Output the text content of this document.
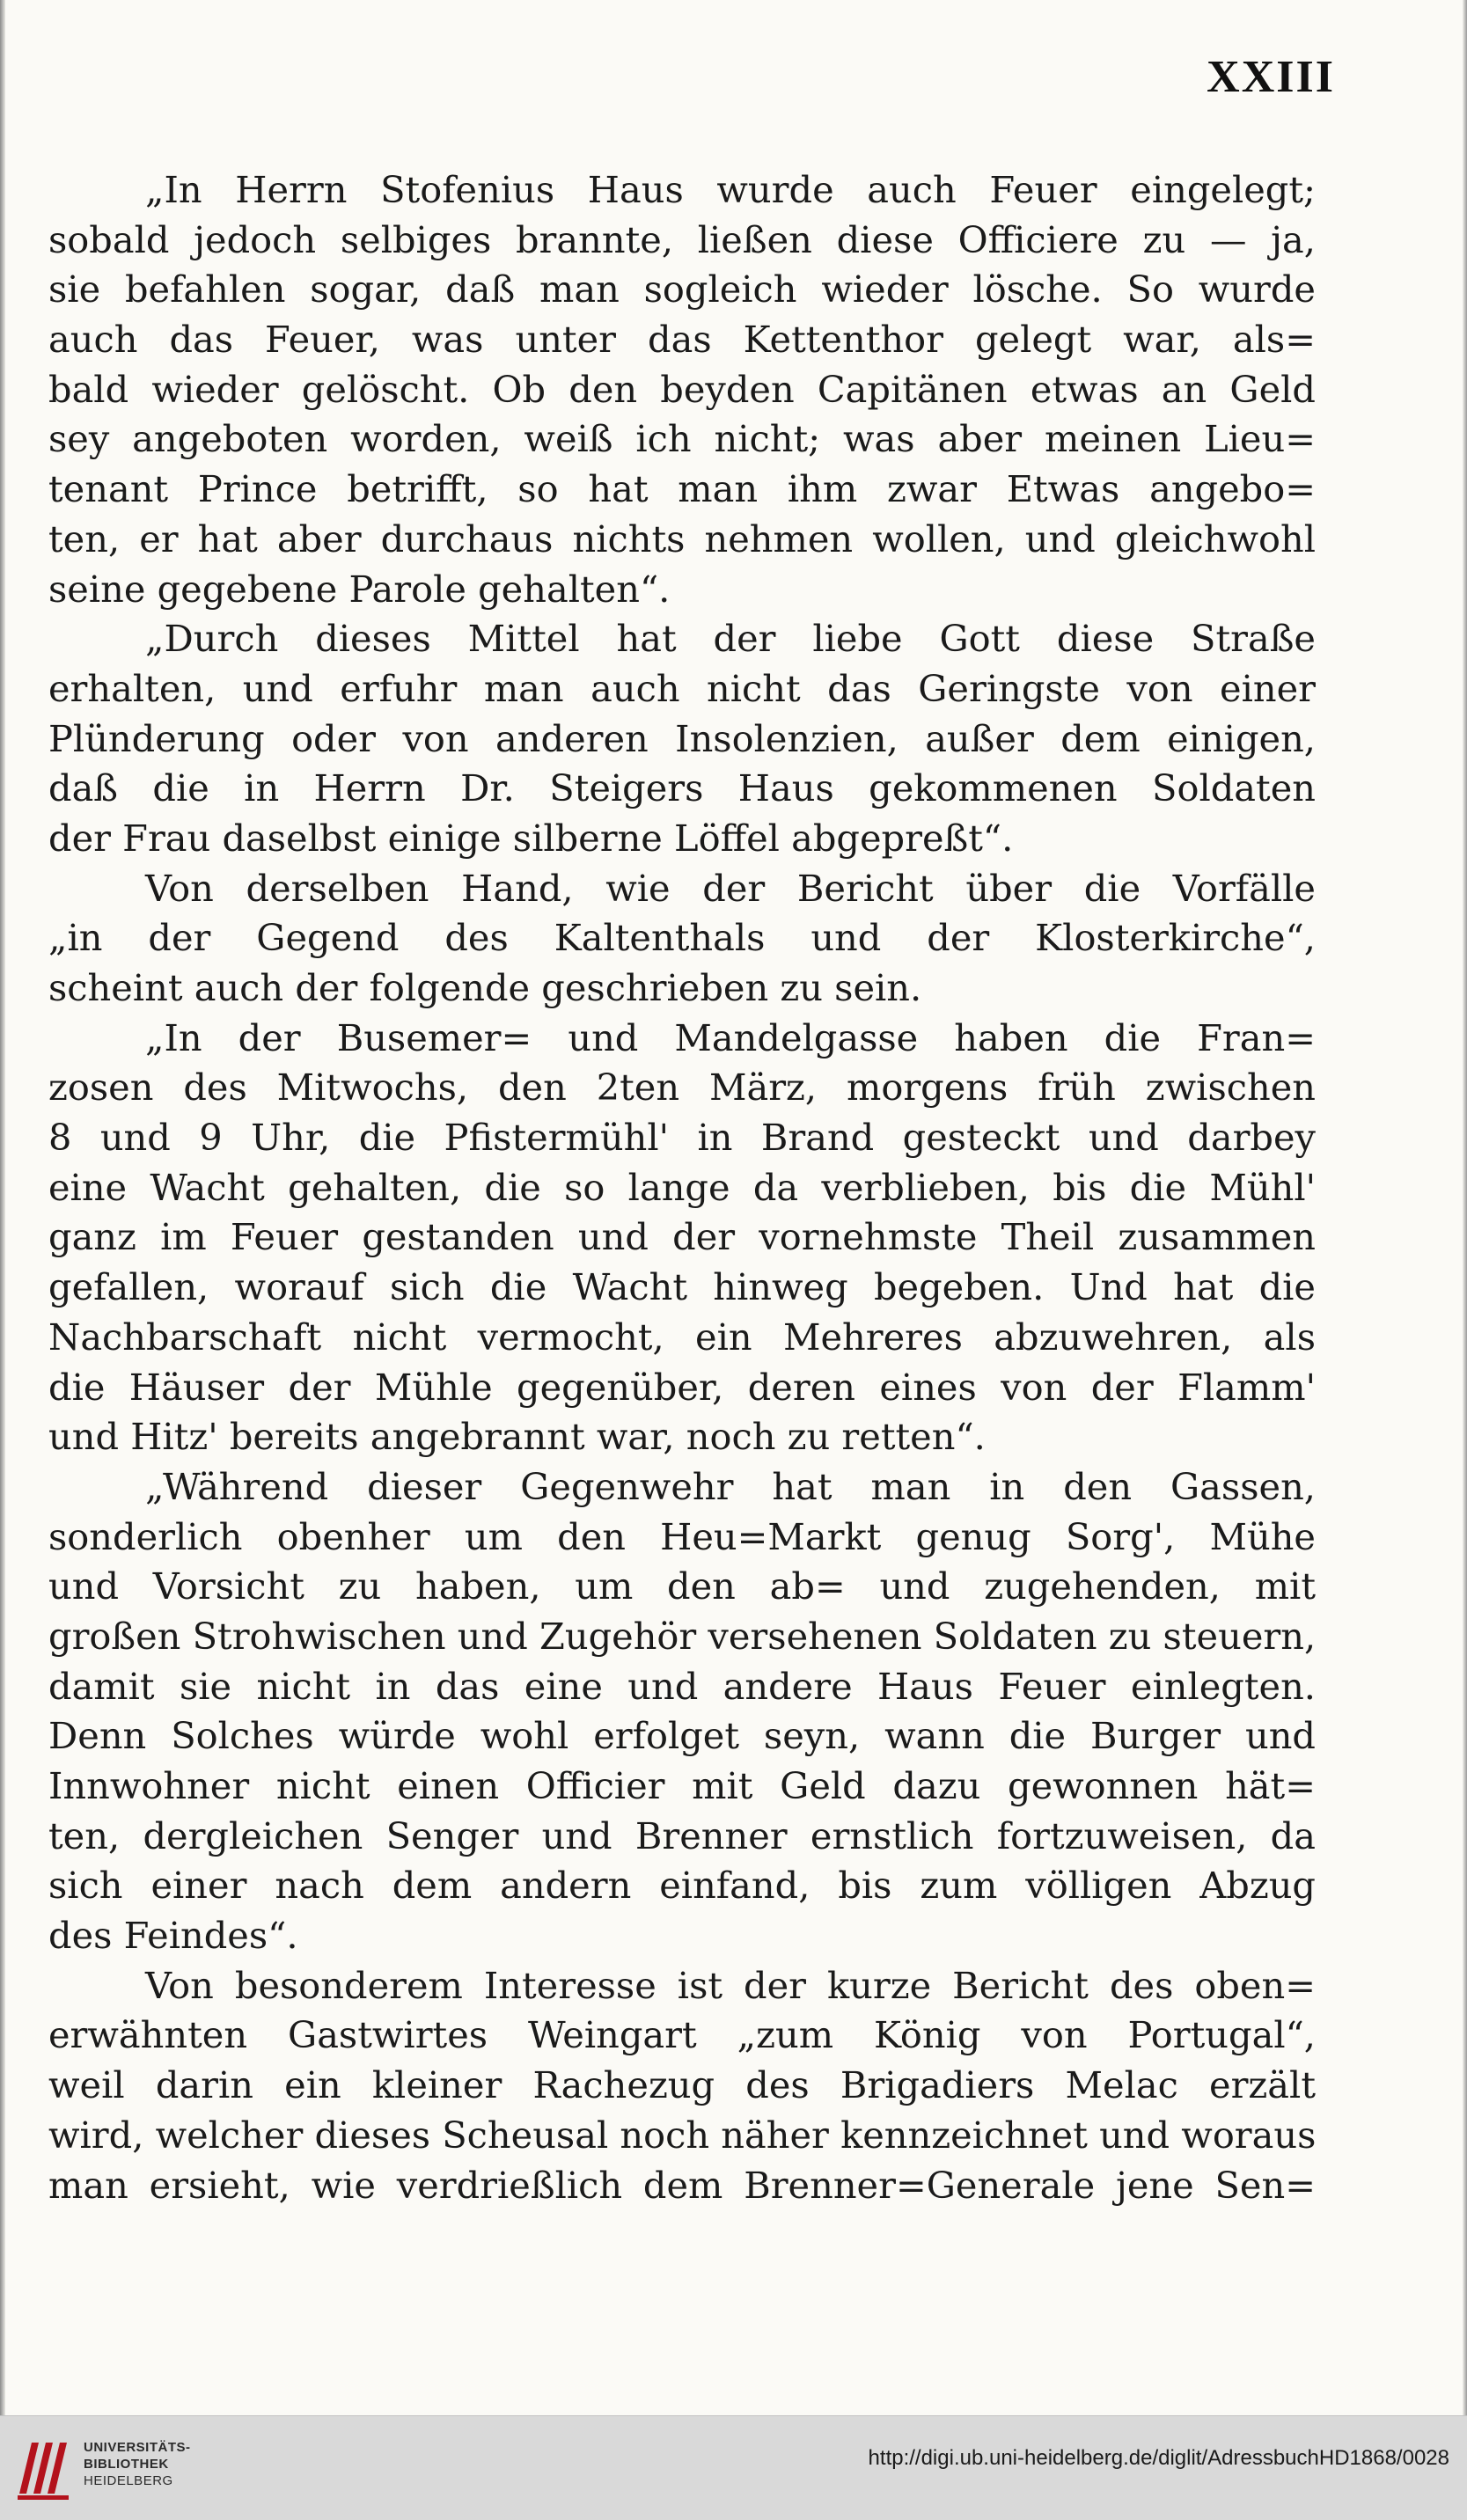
XXIII
„In Herrn Stofenius Haus wurde auch Feuer eingelegt;
sobald jedoch selbiges brannte, ließen diese Officiere zu — ja,
sie befahlen sogar, daß man sogleich wieder lösche. So wurde
auch das Feuer, was unter das Kettenthor gelegt war, als=
bald wieder gelöscht. Ob den beyden Capitänen etwas an Geld
sey angeboten worden, weiß ich nicht; was aber meinen Lieu=
tenant Prince betrifft, so hat man ihm zwar Etwas angebo=
ten, er hat aber durchaus nichts nehmen wollen, und gleichwohl
seine gegebene Parole gehalten“.
„Durch dieses Mittel hat der liebe Gott diese Straße
erhalten, und erfuhr man auch nicht das Geringste von einer
Plünderung oder von anderen Insolenzien, außer dem einigen,
daß die in Herrn Dr. Steigers Haus gekommenen Soldaten
der Frau daselbst einige silberne Löffel abgepreßt“.
Von derselben Hand, wie der Bericht über die Vorfälle
„in der Gegend des Kaltenthals und der Klosterkirche“,
scheint auch der folgende geschrieben zu sein.
„In der Busemer= und Mandelgasse haben die Fran=
zosen des Mitwochs, den 2ten März, morgens früh zwischen
8 und 9 Uhr, die Pfistermühl' in Brand gesteckt und darbey
eine Wacht gehalten, die so lange da verblieben, bis die Mühl'
ganz im Feuer gestanden und der vornehmste Theil zusammen
gefallen, worauf sich die Wacht hinweg begeben. Und hat die
Nachbarschaft nicht vermocht, ein Mehreres abzuwehren, als
die Häuser der Mühle gegenüber, deren eines von der Flamm'
und Hitz' bereits angebrannt war, noch zu retten“.
„Während dieser Gegenwehr hat man in den Gassen,
sonderlich obenher um den Heu=Markt genug Sorg', Mühe
und Vorsicht zu haben, um den ab= und zugehenden, mit
großen Strohwischen und Zugehör versehenen Soldaten zu steuern,
damit sie nicht in das eine und andere Haus Feuer einlegten.
Denn Solches würde wohl erfolget seyn, wann die Burger und
Innwohner nicht einen Officier mit Geld dazu gewonnen hät=
ten, dergleichen Senger und Brenner ernstlich fortzuweisen, da
sich einer nach dem andern einfand, bis zum völligen Abzug
des Feindes“.
Von besonderem Interesse ist der kurze Bericht des oben=
erwähnten Gastwirtes Weingart „zum König von Portugal“,
weil darin ein kleiner Rachezug des Brigadiers Melac erzält
wird, welcher dieses Scheusal noch näher kennzeichnet und woraus
man ersieht, wie verdrießlich dem Brenner=Generale jene Sen=
UNIVERSITÄTS-
BIBLIOTHEK
HEIDELBERG
http://digi.ub.uni-heidelberg.de/diglit/AdressbuchHD1868/0028
